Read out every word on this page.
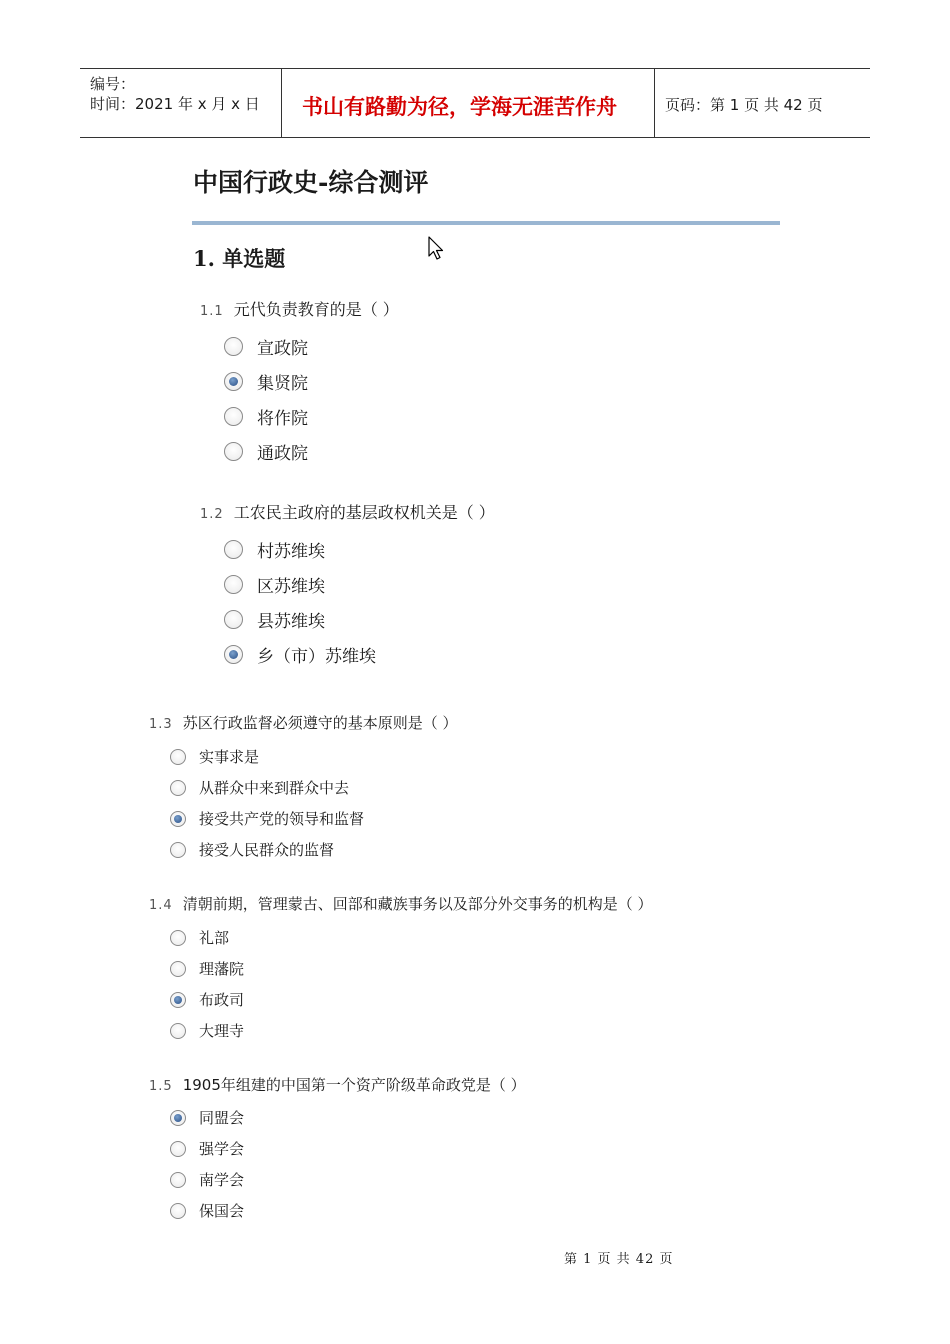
编号：
时间：2021 年 x 月 x 日 书山有路勤为径，学海无涯苦作舟	页码：第 1 页 共 42 页
中国行政史-综合测评
1. 单选题
1.1 元代负责教育的是（ ）
宣政院
集贤院
将作院
通政院
1.2 工农民主政府的基层政权机关是（ ）
村苏维埃
区苏维埃
县苏维埃
乡（市）苏维埃
1.3 苏区行政监督必须遵守的基本原则是（ ）
实事求是
从群众中来到群众中去
接受共产党的领导和监督
接受人民群众的监督
1.4 清朝前期，管理蒙古、回部和藏族事务以及部分外交事务的机构是（ ）
礼部
理藩院
布政司
大理寺
1.5 1905年组建的中国第一个资产阶级革命政党是（ ）
同盟会
强学会
南学会
保国会
第 1 页 共 42 页
